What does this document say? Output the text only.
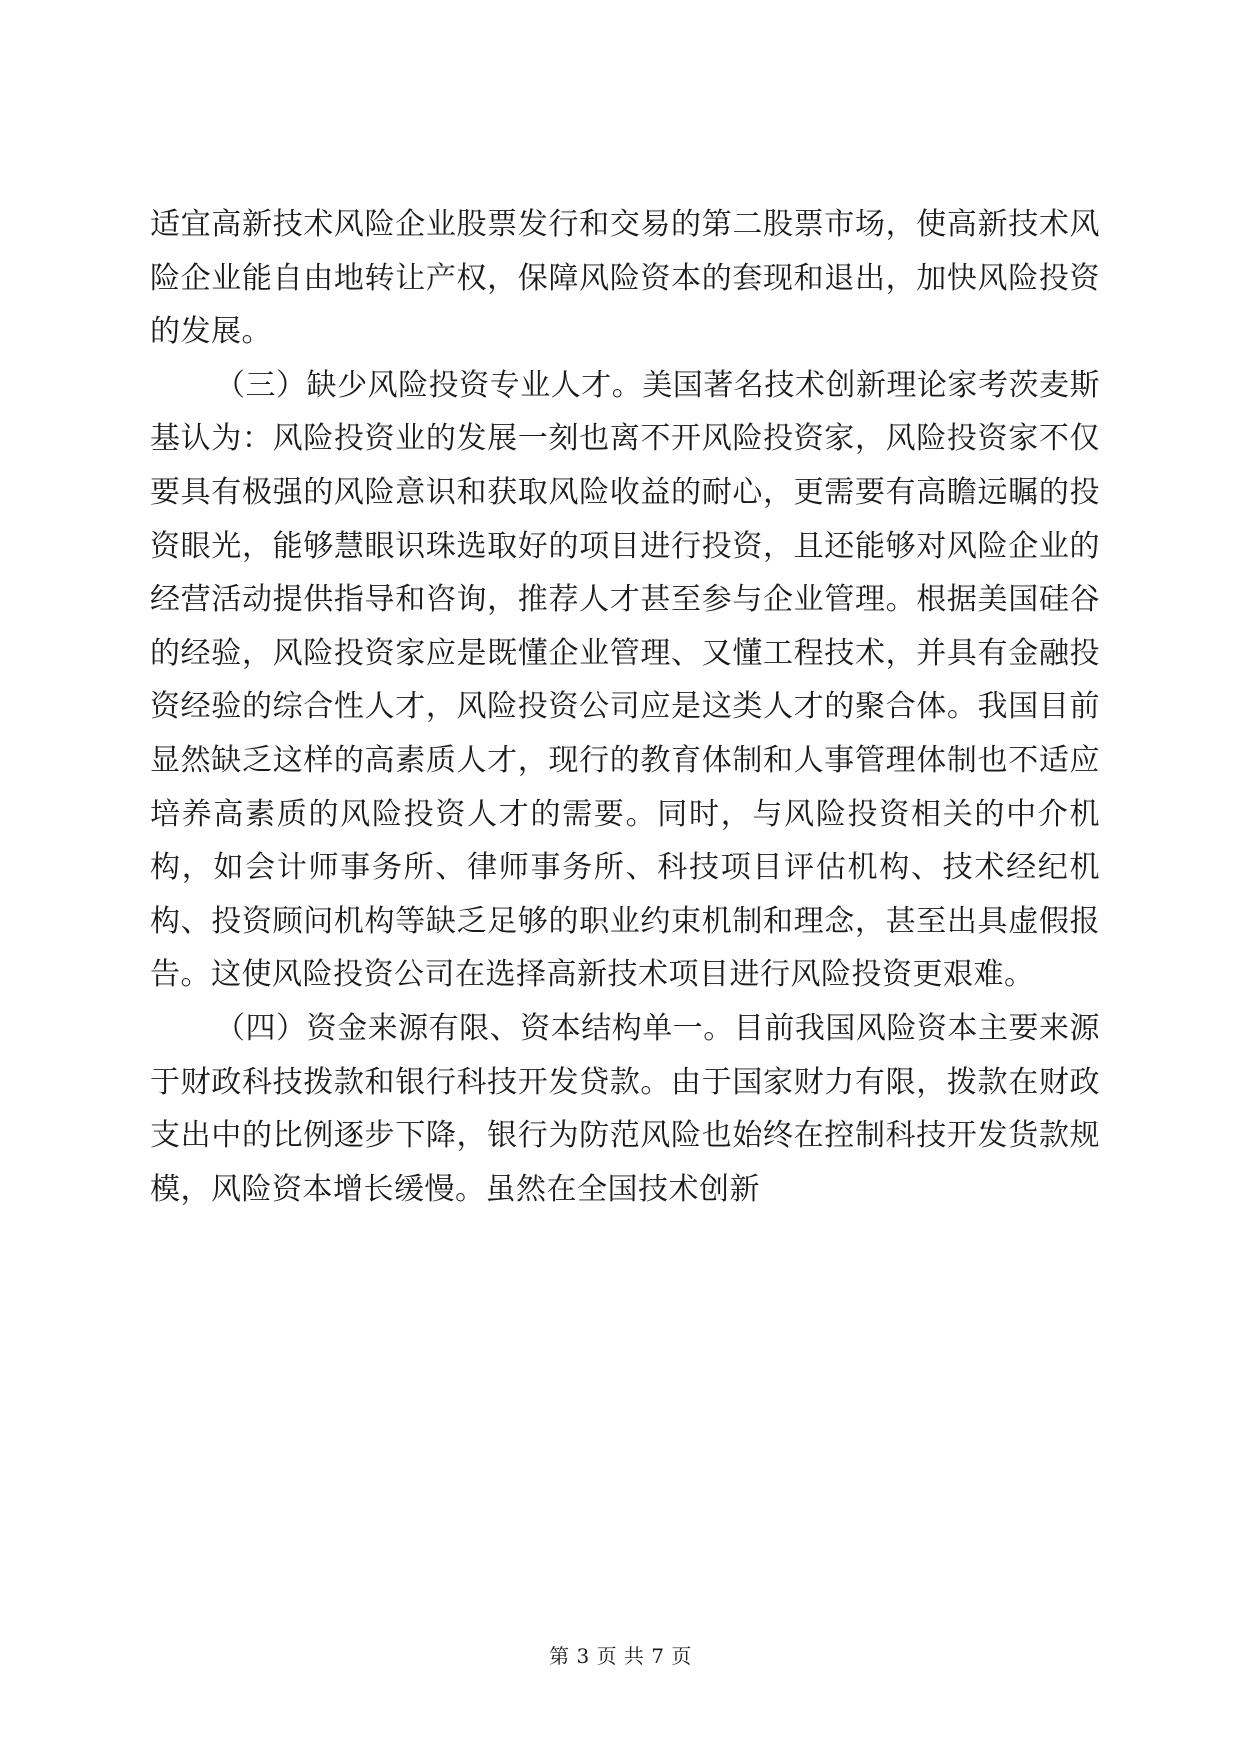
适宜高新技术风险企业股票发行和交易的第二股票市场，使高新技术风险企业能自由地转让产权，保障风险资本的套现和退出，加快风险投资的发展。

（三）缺少风险投资专业人才。美国著名技术创新理论家考茨麦斯基认为：风险投资业的发展一刻也离不开风险投资家，风险投资家不仅要具有极强的风险意识和获取风险收益的耐心，更需要有高瞻远瞩的投资眼光，能够慧眼识珠选取好的项目进行投资，且还能够对风险企业的经营活动提供指导和咨询，推荐人才甚至参与企业管理。根据美国硅谷的经验，风险投资家应是既懂企业管理、又懂工程技术，并具有金融投资经验的综合性人才，风险投资公司应是这类人才的聚合体。我国目前显然缺乏这样的高素质人才，现行的教育体制和人事管理体制也不适应培养高素质的风险投资人才的需要。同时，与风险投资相关的中介机构，如会计师事务所、律师事务所、科技项目评估机构、技术经纪机构、投资顾问机构等缺乏足够的职业约束机制和理念，甚至出具虚假报告。这使风险投资公司在选择高新技术项目进行风险投资更艰难。

（四）资金来源有限、资本结构单一。目前我国风险资本主要来源于财政科技拨款和银行科技开发贷款。由于国家财力有限，拨款在财政支出中的比例逐步下降，银行为防范风险也始终在控制科技开发货款规模，风险资本增长缓慢。虽然在全国技术创新

第 3 页 共 7 页
